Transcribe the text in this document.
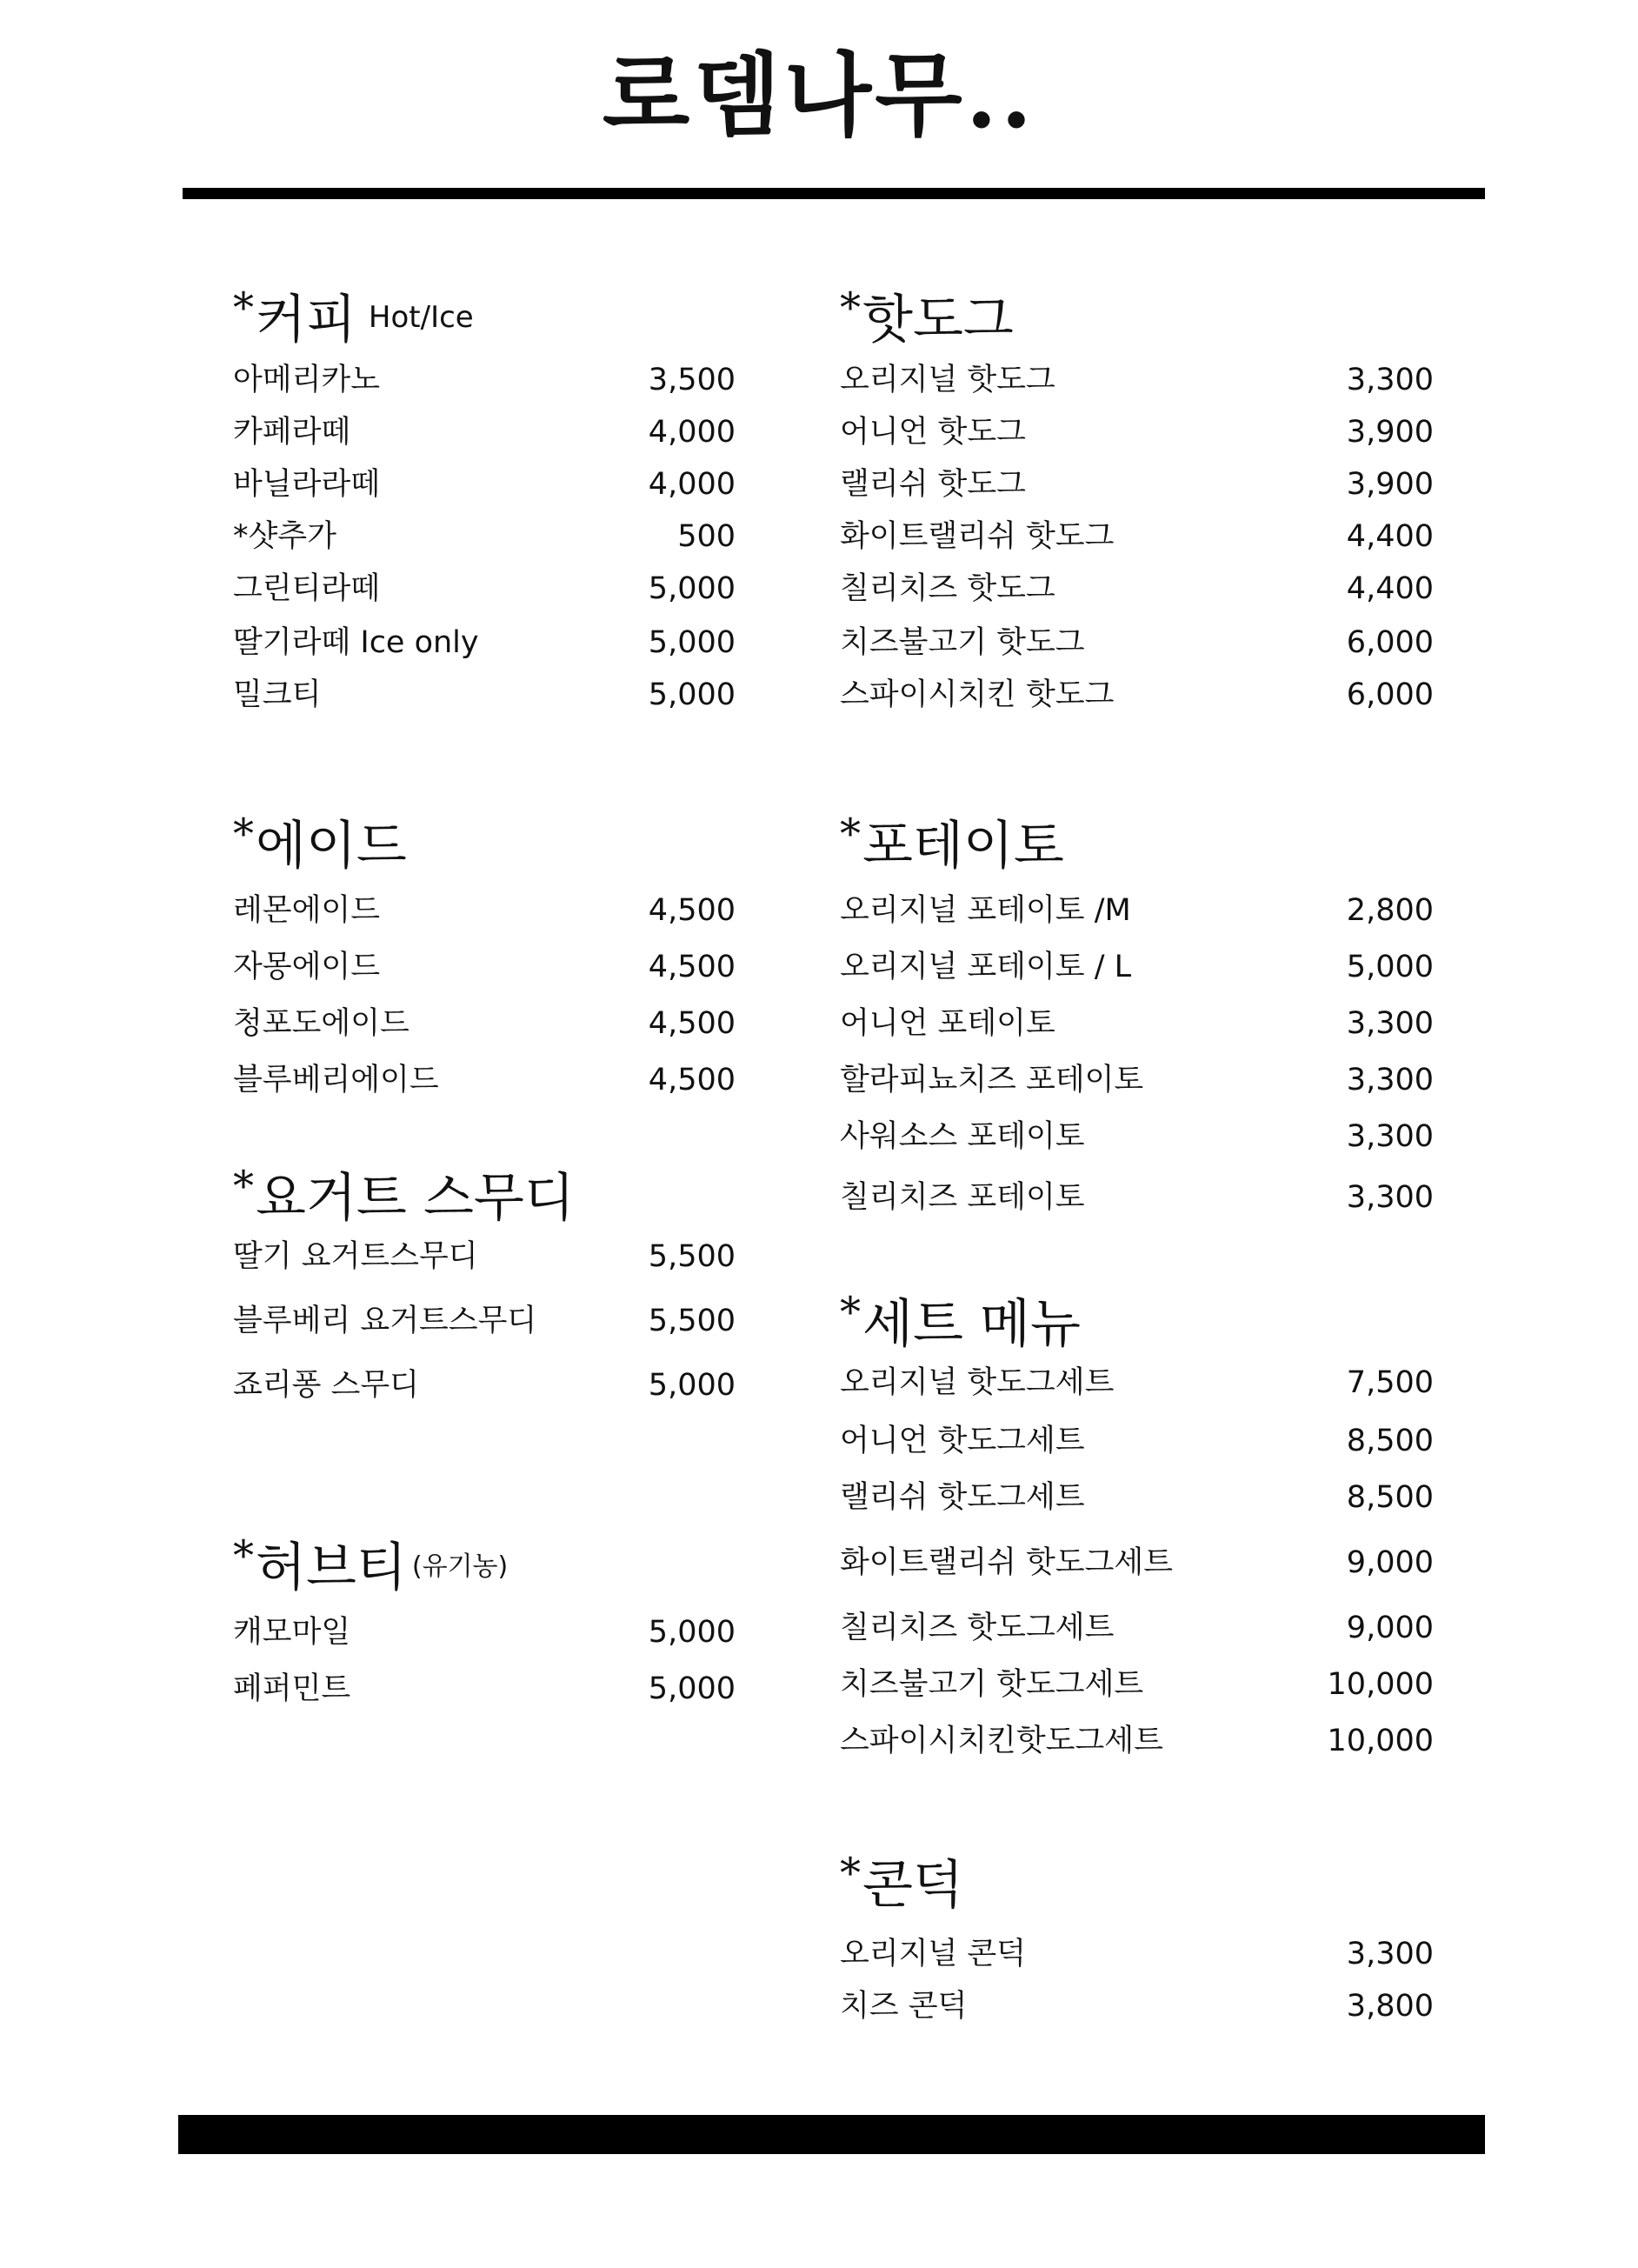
로뎀나무..
*커피 $^{Hot/Ice}$
아메리카노	3,500
카페라떼	4,000
바닐라라떼	4,000
*샷추가	500
그린티라떼	5,000
딸기라떼 Ice only	5,000
밀크티	5,000
*에이드
레몬에이드	4,500
자몽에이드	4,500
청포도에이드	4,500
블루베리에이드	4,500
*요거트 스무디
딸기 요거트스무디	5,500
블루베리 요거트스무디	5,500
죠리퐁 스무디	5,000
*허브티 $^{(유기농)}$
캐모마일	5,000
페퍼민트	5,000
*핫도그
오리지널 핫도그	3,300
어니언 핫도그	3,900
랠리쉬 핫도그	3,900
화이트랠리쉬 핫도그	4,400
칠리치즈 핫도그	4,400
치즈불고기 핫도그	6,000
스파이시치킨 핫도그	6,000
*포테이토
오리지널 포테이토 /M	2,800
오리지널 포테이토 / L	5,000
어니언 포테이토	3,300
할라피뇨치즈 포테이토	3,300
사워소스 포테이토	3,300
칠리치즈 포테이토	3,300
*세트 메뉴
오리지널 핫도그세트	7,500
어니언 핫도그세트	8,500
랠리쉬 핫도그세트	8,500
화이트랠리쉬 핫도그세트	9,000
칠리치즈 핫도그세트	9,000
치즈불고기 핫도그세트	10,000
스파이시치킨핫도그세트	10,000
*콘덕
오리지널 콘덕	3,300
치즈 콘덕	3,800
